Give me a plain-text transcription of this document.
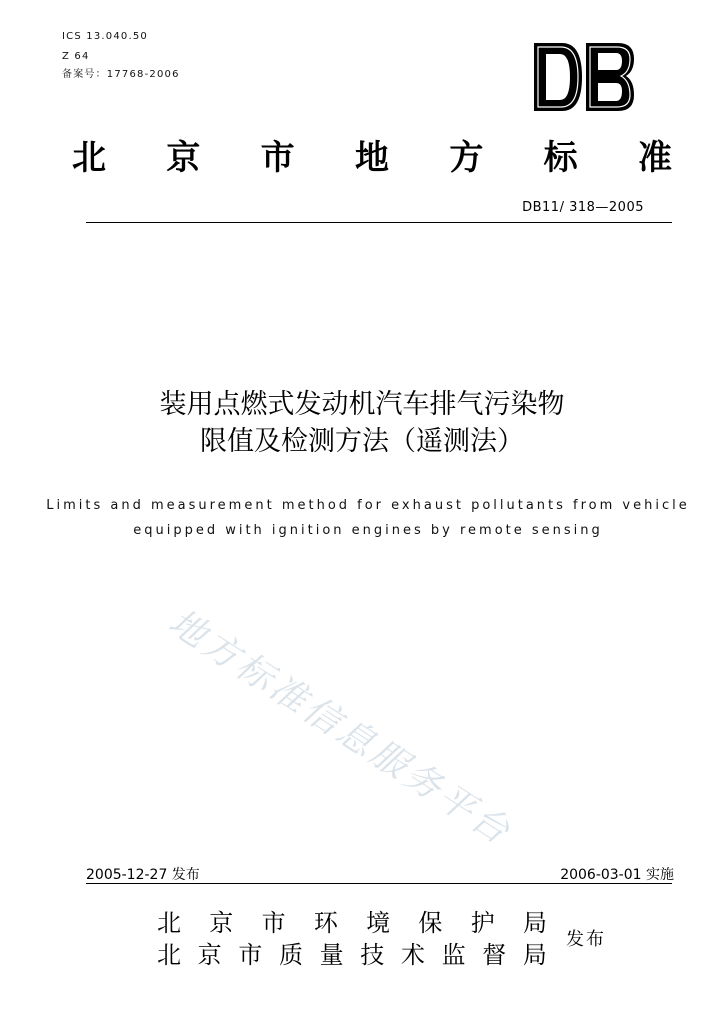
ICS 13.040.50
Z 64
备案号：17768-2006
北 京 市 地 方 标 准
DB11/ 318—2005
装用点燃式发动机汽车排气污染物
限值及检测方法（遥测法）
Limits and measurement method for exhaust pollutants from vehicle
equipped with ignition engines by remote sensing
地方标准信息服务平台
2005-12-27 发布	2006-03-01 实施
北 京 市 环 境 保 护 局
北 京 市 质 量 技 术 监 督 局
发布
